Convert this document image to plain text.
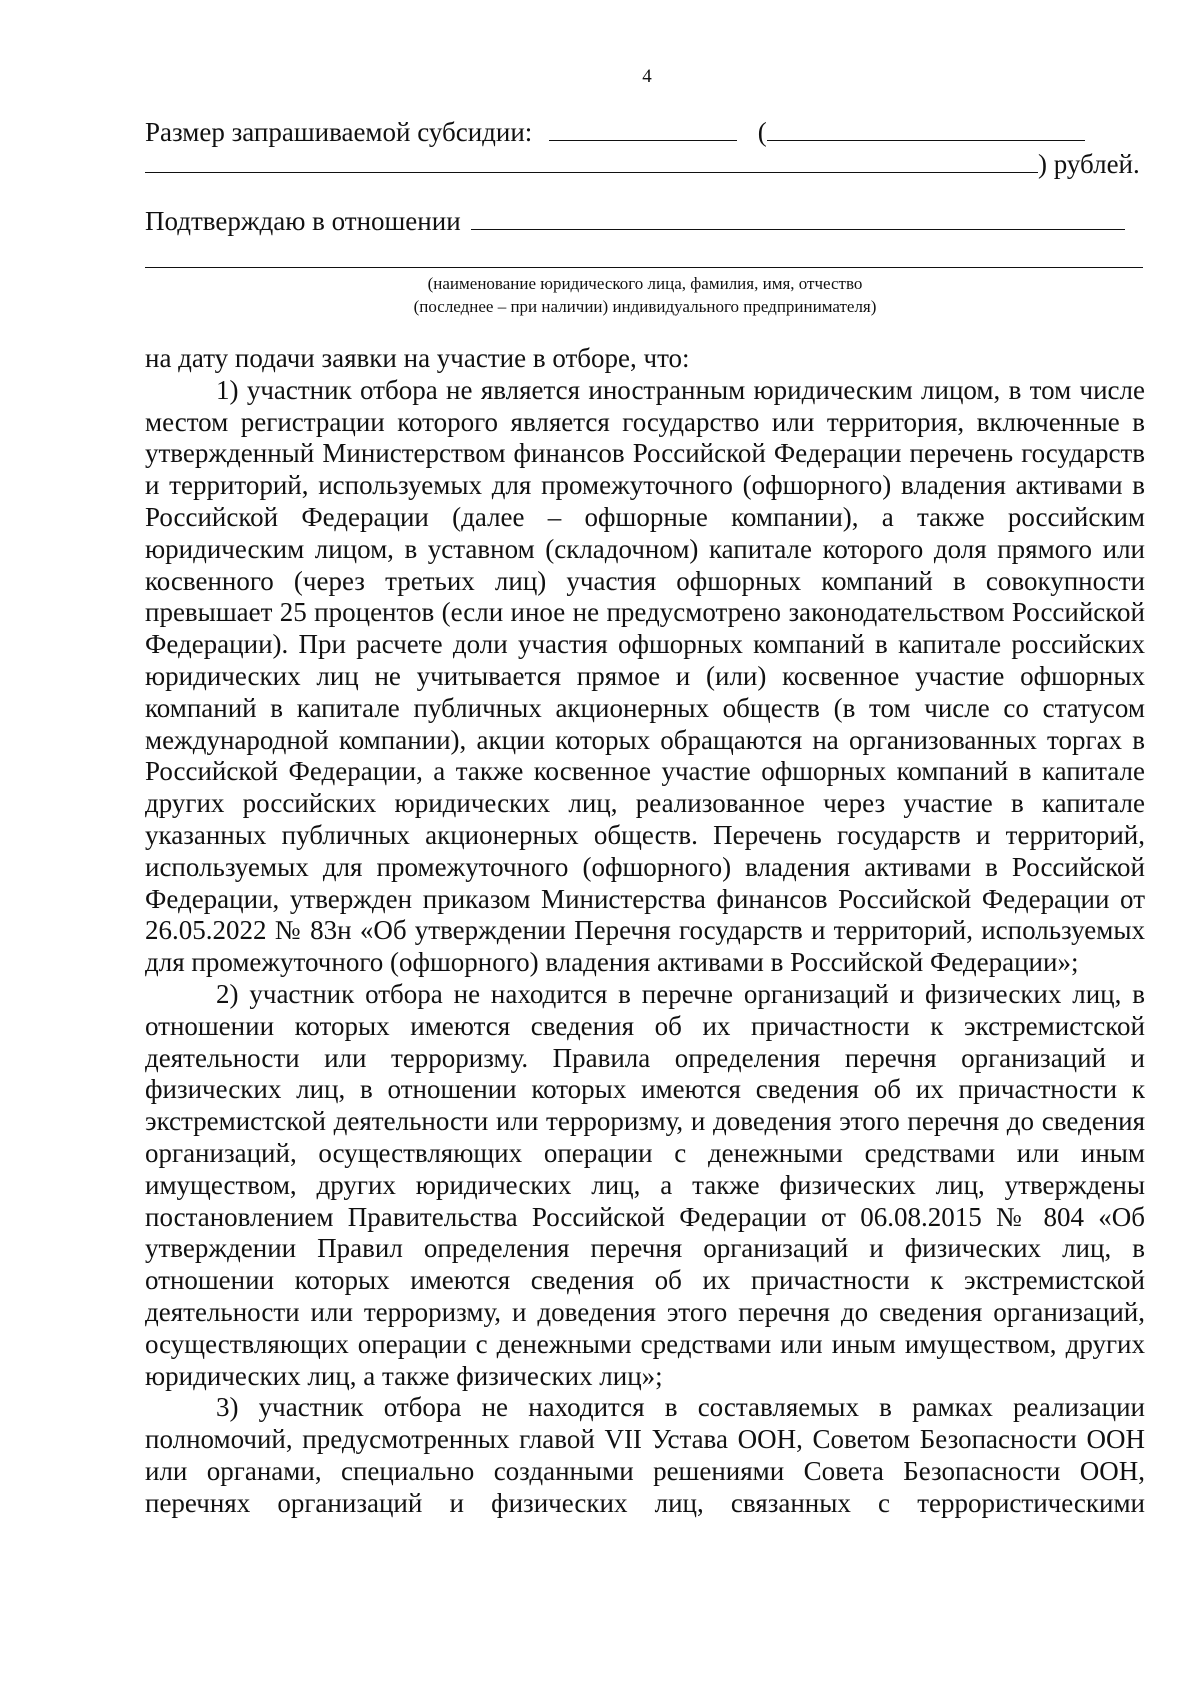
4
Размер запрашиваемой субсидии:	(
) рублей.
Подтверждаю в отношении
(наименование юридического лица, фамилия, имя, отчество
(последнее – при наличии) индивидуального предпринимателя)

на дату подачи заявки на участие в отборе, что:

1) участник отбора не является иностранным юридическим лицом, в том числе местом регистрации которого является государство или территория, включенные в утвержденный Министерством финансов Российской Федерации перечень государств и территорий, используемых для промежуточного (офшорного) владения активами в Российской Федерации (далее – офшорные компании), а также российским юридическим лицом, в уставном (складочном) капитале которого доля прямого или косвенного (через третьих лиц) участия офшорных компаний в совокупности превышает 25 процентов (если иное не предусмотрено законодательством Российской Федерации). При расчете доли участия офшорных компаний в капитале российских юридических лиц не учитывается прямое и (или) косвенное участие офшорных компаний в капитале публичных акционерных обществ (в том числе со статусом международной компании), акции которых обращаются на организованных торгах в Российской Федерации, а также косвенное участие офшорных компаний в капитале других российских юридических лиц, реализованное через участие в капитале указанных публичных акционерных обществ. Перечень государств и территорий, используемых для промежуточного (офшорного) владения активами в Российской Федерации, утвержден приказом Министерства финансов Российской Федерации от 26.05.2022 № 83н «Об утверждении Перечня государств и территорий, используемых для промежуточного (офшорного) владения активами в Российской Федерации»;

2) участник отбора не находится в перечне организаций и физических лиц, в отношении которых имеются сведения об их причастности к экстремистской деятельности или терроризму. Правила определения перечня организаций и физических лиц, в отношении которых имеются сведения об их причастности к экстремистской деятельности или терроризму, и доведения этого перечня до сведения организаций, осуществляющих операции с денежными средствами или иным имуществом, других юридических лиц, а также физических лиц, утверждены постановлением Правительства Российской Федерации от 06.08.2015 № 804 «Об утверждении Правил определения перечня организаций и физических лиц, в отношении которых имеются сведения об их причастности к экстремистской деятельности или терроризму, и доведения этого перечня до сведения организаций, осуществляющих операции с денежными средствами или иным имуществом, других юридических лиц, а также физических лиц»;

3) участник отбора не находится в составляемых в рамках реализации полномочий, предусмотренных главой VII Устава ООН, Советом Безопасности ООН или органами, специально созданными решениями Совета Безопасности ООН, перечнях организаций и физических лиц, связанных с террористическими
